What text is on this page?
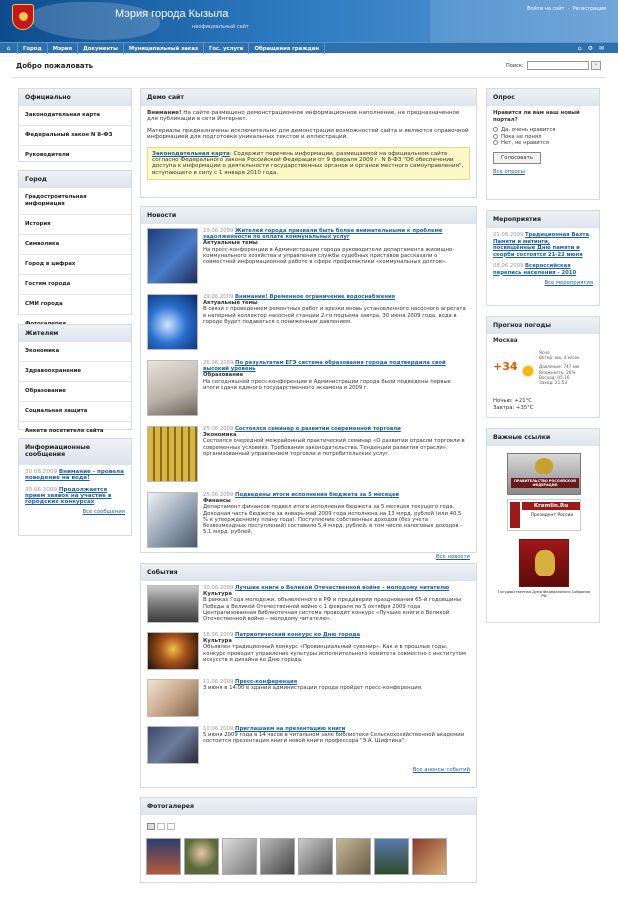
Мэрия города Кызыла
неофициальный сайт
Войти на сайт  ·  Регистрация
⌂	Город	Мэрия	Документы	Муниципальный заказ	Гос. услуги	Обращения граждан	⌂⚙✉
Добро пожаловать	Поиск:	›
Официально
Законодательная карта
Федеральный закон N 8-ФЗ
Руководители
Город
Градостроительная информация
История
Символика
Город в цифрах
Гостям города
СМИ города
Жителям
Экономика
Здравоохранение
Образование
Социальная защита
Анкета посетителя сайта
Информационные сообщения
30.06.2009 Внимание - провела поведение на воде!
30.06.2009 Продолжается прием заявок на участие в городских конкурсах
Все сообщения
Демо сайт

Внимание! На сайте размещено демонстрационное информационное наполнение, не предназначенное для публикации в сети Интернет.

Материалы предназначены исключительно для демонстрации возможностей сайта и являются справочной информацией для подготовки уникальных текстов и иллюстраций.

Законодательная карта: Содержит перечень информации, размещаемой на официальном сайте согласно Федерального закона Российской Федерации от 9 февраля 2009 г. N 8-ФЗ "Об обеспечении доступа к информации о деятельности государственных органов и органов местного самоуправления", вступающего в силу с 1 января 2010 года.
Новости
29.06.2009 Жителей города призвали быть более внимательными к проблеме задолженности по оплате коммунальных услуг
Актуальные темы
На пресс-конференции в Администрации города руководители департамента жилищно-коммунального хозяйства и управления службы судебных приставов рассказали о совместной информационной работе в сфере профилактики «коммунальных долгов».
29.06.2009 Внимание! Временное ограничение водоснабжения
Актуальные темы
В связи с проведением ремонтных работ и врезки вновь установленного насосного агрегата в напорный коллектор насосной станции 2-го подъема завтра, 30 июня 2009 года, вода в городе будет подаваться с пониженным давлением.
26.06.2009 По результатам ЕГЭ система образования города подтвердила свой высокий уровень
Образование
На сегодняшней пресс-конференции в Администрации города были подведены первые итоги сдачи единого государственного экзамена в 2009 г.
25.06.2009 Состоялся семинар о развитии современной торговли
Экономика
Состоялся очередной межрайонный практический семинар «О развитии отрасли торговли в современных условиях. Требования законодательства. Тенденции развития отрасли», организованный управлением торговли и потребительских услуг.
25.06.2009 Подведены итоги исполнения бюджета за 5 месяцев
Финансы
Департамент финансов подвел итоги исполнения бюджета за 5 месяцев текущего года. Доходная часть бюджета за январь-май 2009 года исполнена на 13 млрд. рублей (или 40,5 % к утвержденному плану года). Поступление собственных доходов (без учета безвозмездных поступлений) составило 5,4 млрд. рублей, в том числе налоговых доходов – 5,1 млрд. рублей.
Все новости
События
30.06.2009 Лучшие книги о Великой Отечественной войне – молодому читателю
Культура
В рамках Года молодежи, объявленного в РФ и преддверии празднования 65-й годовщины Победы в Великой Отечественной войне с 1 февраля по 5 октября 2009 года Централизованная библиотечная система проводит конкурс «Лучшие книги о Великой Отечественной войне – молодому читателю».
18.06.2009 Патриотический конкурс ко Дню города
Культура
Объявлен традиционный конкурс «Провинциальный сувенир». Как и в прошлые годы, конкурс проводит управление культуры исполнительного комитета совместно с институтом искусств и дизайна ко Дню города.
11.06.2009 Пресс-конференция
3 июня в 14:00 в здании администрации города пройдет пресс-конференция.
10.06.2009 Приглашаем на презентацию книги
5 июня 2009 года в 14 часов в читальном зале библиотеки Сельскохозяйственной академии состоится презентация книги новой книги профессора "Э.А. Шифтина".
Все анонсы событий
Фотогалерея

Опрос
Нравится ли вам наш новый портал?
Да, очень нравится
Пока не понял
Нет, не нравится
Голосовать
Все опросы
Мероприятия
21.06.2009 Традиционная Вахта Памяти и митинги, посвящённые Дню памяти и скорби состоятся 21-22 июня
08.06.2009 Всероссийская перепись населения - 2010
Все мероприятия
Прогноз погоды
Москва
+34
Ясно
Ветер: юв, 4 м/сек
Давление: 747 мм
Влажность: 26%
Восход: 05:16
Заход: 21:53
Ночью: +21°C
Завтра: +35°C
Важные ссылки
ПРАВИТЕЛЬСТВО РОССИЙСКОЙ ФЕДЕРАЦИИ
Kremlin.Ru
Президент России
Государственная Дума Федерального Собрания РФ
